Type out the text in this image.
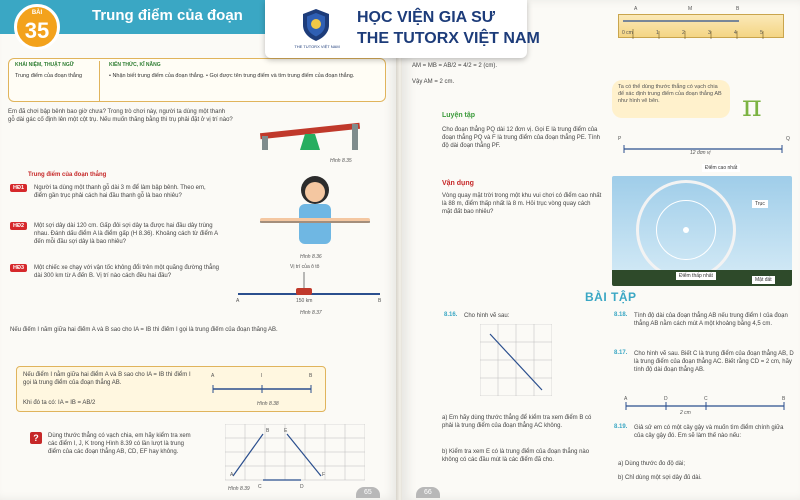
BÀI
35
Trung điểm của đoạn
KHÁI NIỆM, THUẬT NGỮ	KIẾN THỨC, KĨ NĂNG
Trung điểm của đoạn thẳng	• Nhận biết trung điểm của đoạn thẳng. • Gọi được tên trung điểm và tìm trung điểm của đoạn thẳng.
Em đã chơi bập bênh bao giờ chưa? Trong trò chơi này, người ta dùng một thanh gỗ dài gác cố định lên một cột trụ. Nếu muốn thăng bằng thì trụ phải đặt ở vị trí nào?
Hình 8.35
Trung điểm của đoạn thẳng
HĐ1	Người ta dùng một thanh gỗ dài 3 m để làm bập bênh. Theo em, điểm gần trục phải cách hai đầu thanh gỗ là bao nhiêu?
HĐ2	Một sợi dây dài 120 cm. Gấp đôi sợi dây ta được hai đầu dây trùng nhau. Đánh dấu điểm A là điểm gấp (H 8.36). Khoảng cách từ điểm A đến mỗi đầu sợi dây là bao nhiêu?
HĐ3	Một chiếc xe chạy với vận tốc không đổi trên một quãng đường thẳng dài 300 km từ A đến B. Vị trí nào cách đều hai đầu?
Hình 8.36
Vị trí của ô tô
150 km
A	B
Hình 8.37
Nếu điểm I nằm giữa hai điểm A và B sao cho IA = IB thì điểm I gọi là trung điểm của đoạn thẳng AB.
Nếu điểm I nằm giữa hai điểm A và B sao cho IA = IB thì điểm I gọi là trung điểm của đoạn thẳng AB.
Khi đó ta có: IA = IB = AB/2
A	I	B
Hình 8.38
?	Dùng thước thẳng có vạch chia, em hãy kiểm tra xem các điểm I, J, K trong Hình 8.39 có lần lượt là trung điểm của các đoạn thẳng AB, CD, EF hay không.
A
B
C	D
E
F
Hình 8.39	65
AM = MB = AB/2 = 4/2 = 2 (cm).
Vậy AM = 2 cm.
Luyện tập
Cho đoạn thẳng PQ dài 12 đơn vị. Gọi E là trung điểm của đoạn thẳng PQ và F là trung điểm của đoạn thẳng PE. Tính độ dài đoạn thẳng PF.
Vận dụng
Vòng quay mặt trời trong một khu vui chơi có điểm cao nhất là 88 m, điểm thấp nhất là 8 m. Hỏi trục vòng quay cách mặt đất bao nhiêu?
8.16. Cho hình vẽ sau:
a) Em hãy dùng thước thẳng để kiểm tra xem điểm B có phải là trung điểm của đoạn thẳng AC không.
b) Kiểm tra xem E có là trung điểm của đoạn thẳng nào không có các đầu mút là các điểm đã cho.
66
A	M	B
0 cm	1	2	3	4	5
Ta có thể dùng thước thẳng có vạch chia để xác định trung điểm của đoạn thẳng AB như hình vẽ bên.	π
P	Q
12 đơn vị
Điểm cao nhất
Trục
Điểm thấp nhất
Mặt đất
BÀI TẬP
8.18. Tính độ dài của đoạn thẳng AB nếu trung điểm I của đoạn thẳng AB nằm cách mút A một khoảng bằng 4,5 cm.
8.17. Cho hình vẽ sau. Biết C là trung điểm của đoạn thẳng AB, D là trung điểm của đoạn thẳng AC. Biết rằng CD = 2 cm, hãy tính độ dài đoạn thẳng AB.
A	D	C	B
2 cm
8.19. Giả sử em có một cây gậy và muốn tìm điểm chính giữa của cây gậy đó. Em sẽ làm thế nào nếu:
a) Dùng thước đo độ dài;
b) Chỉ dùng một sợi dây đủ dài.
THE TUTORX VIỆT NAM
HỌC VIỆN GIA SƯ
THE TUTORX VIỆT NAM
